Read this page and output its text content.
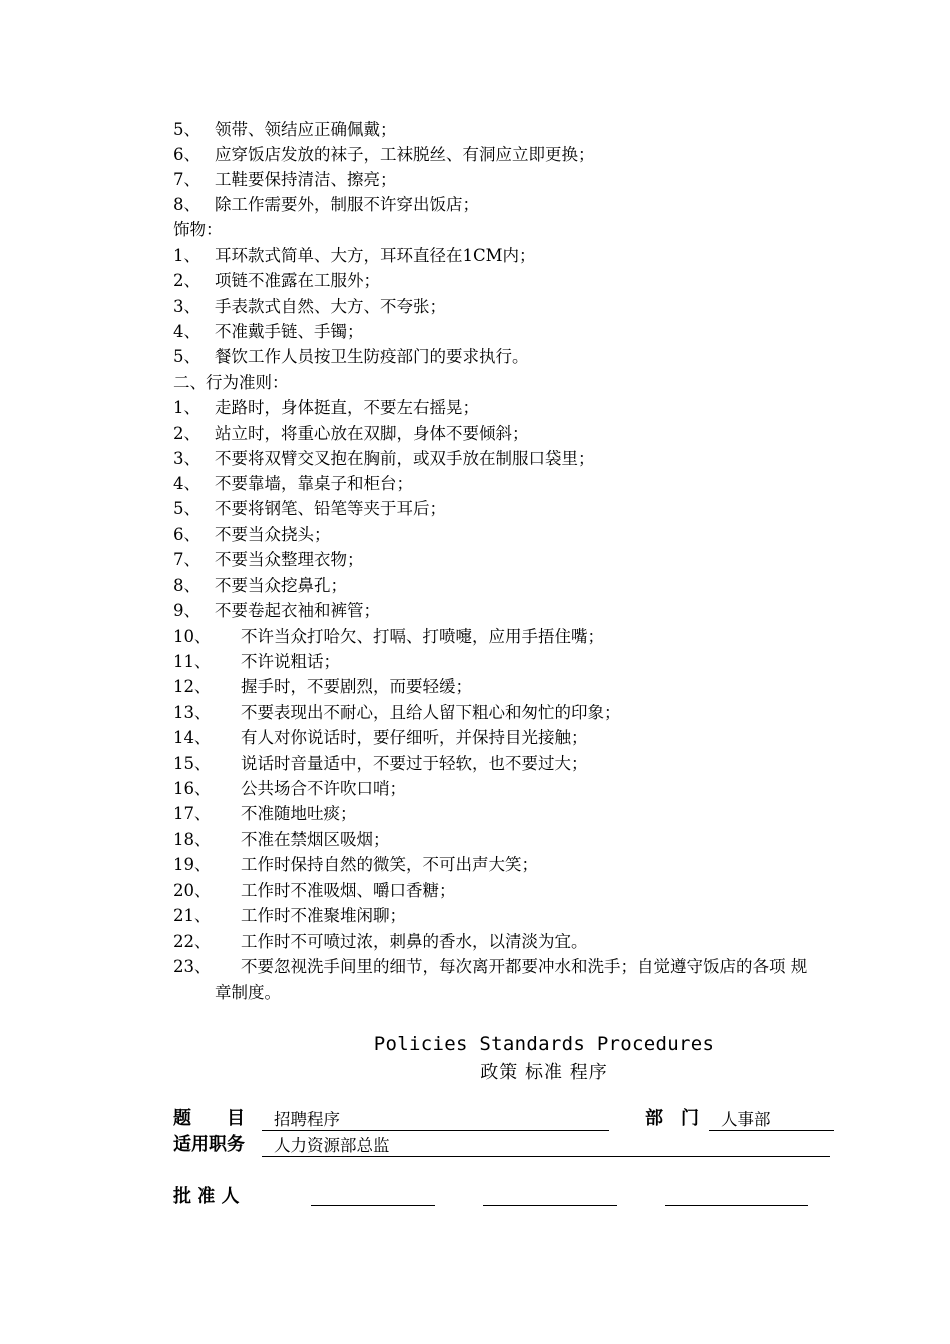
5、 领带、领结应正确佩戴；
6、 应穿饭店发放的袜子，工袜脱丝、有洞应立即更换；
7、 工鞋要保持清洁、擦亮；
8、 除工作需要外，制服不许穿出饭店；
饰物：
1、 耳环款式简单、大方，耳环直径在1CM内；
2、 项链不准露在工服外；
3、 手表款式自然、大方、不夸张；
4、 不准戴手链、手镯；
5、 餐饮工作人员按卫生防疫部门的要求执行。
二、行为准则：
1、 走路时，身体挺直，不要左右摇晃；
2、 站立时，将重心放在双脚，身体不要倾斜；
3、 不要将双臂交叉抱在胸前，或双手放在制服口袋里；
4、 不要靠墙，靠桌子和柜台；
5、 不要将钢笔、铅笔等夹于耳后；
6、 不要当众挠头；
7、 不要当众整理衣物；
8、 不要当众挖鼻孔；
9、 不要卷起衣袖和裤管；
10、 不许当众打哈欠、打嗝、打喷嚏，应用手捂住嘴；
11、 不许说粗话；
12、 握手时，不要剧烈，而要轻缓；
13、 不要表现出不耐心，且给人留下粗心和匆忙的印象；
14、 有人对你说话时，要仔细听，并保持目光接触；
15、 说话时音量适中，不要过于轻软，也不要过大；
16、 公共场合不许吹口哨；
17、 不准随地吐痰；
18、 不准在禁烟区吸烟；
19、 工作时保持自然的微笑，不可出声大笑；
20、 工作时不准吸烟、嚼口香糖；
21、 工作时不准聚堆闲聊；
22、 工作时不可喷过浓，刺鼻的香水，以清淡为宜。
23、 不要忽视洗手间里的细节，每次离开都要冲水和洗手；自觉遵守饭店的各项 规
章制度。
Policies Standards Procedures
政策 标准 程序
题　　目	招聘程序	部　门	人事部
适用职务	人力资源部总监
批 准 人
